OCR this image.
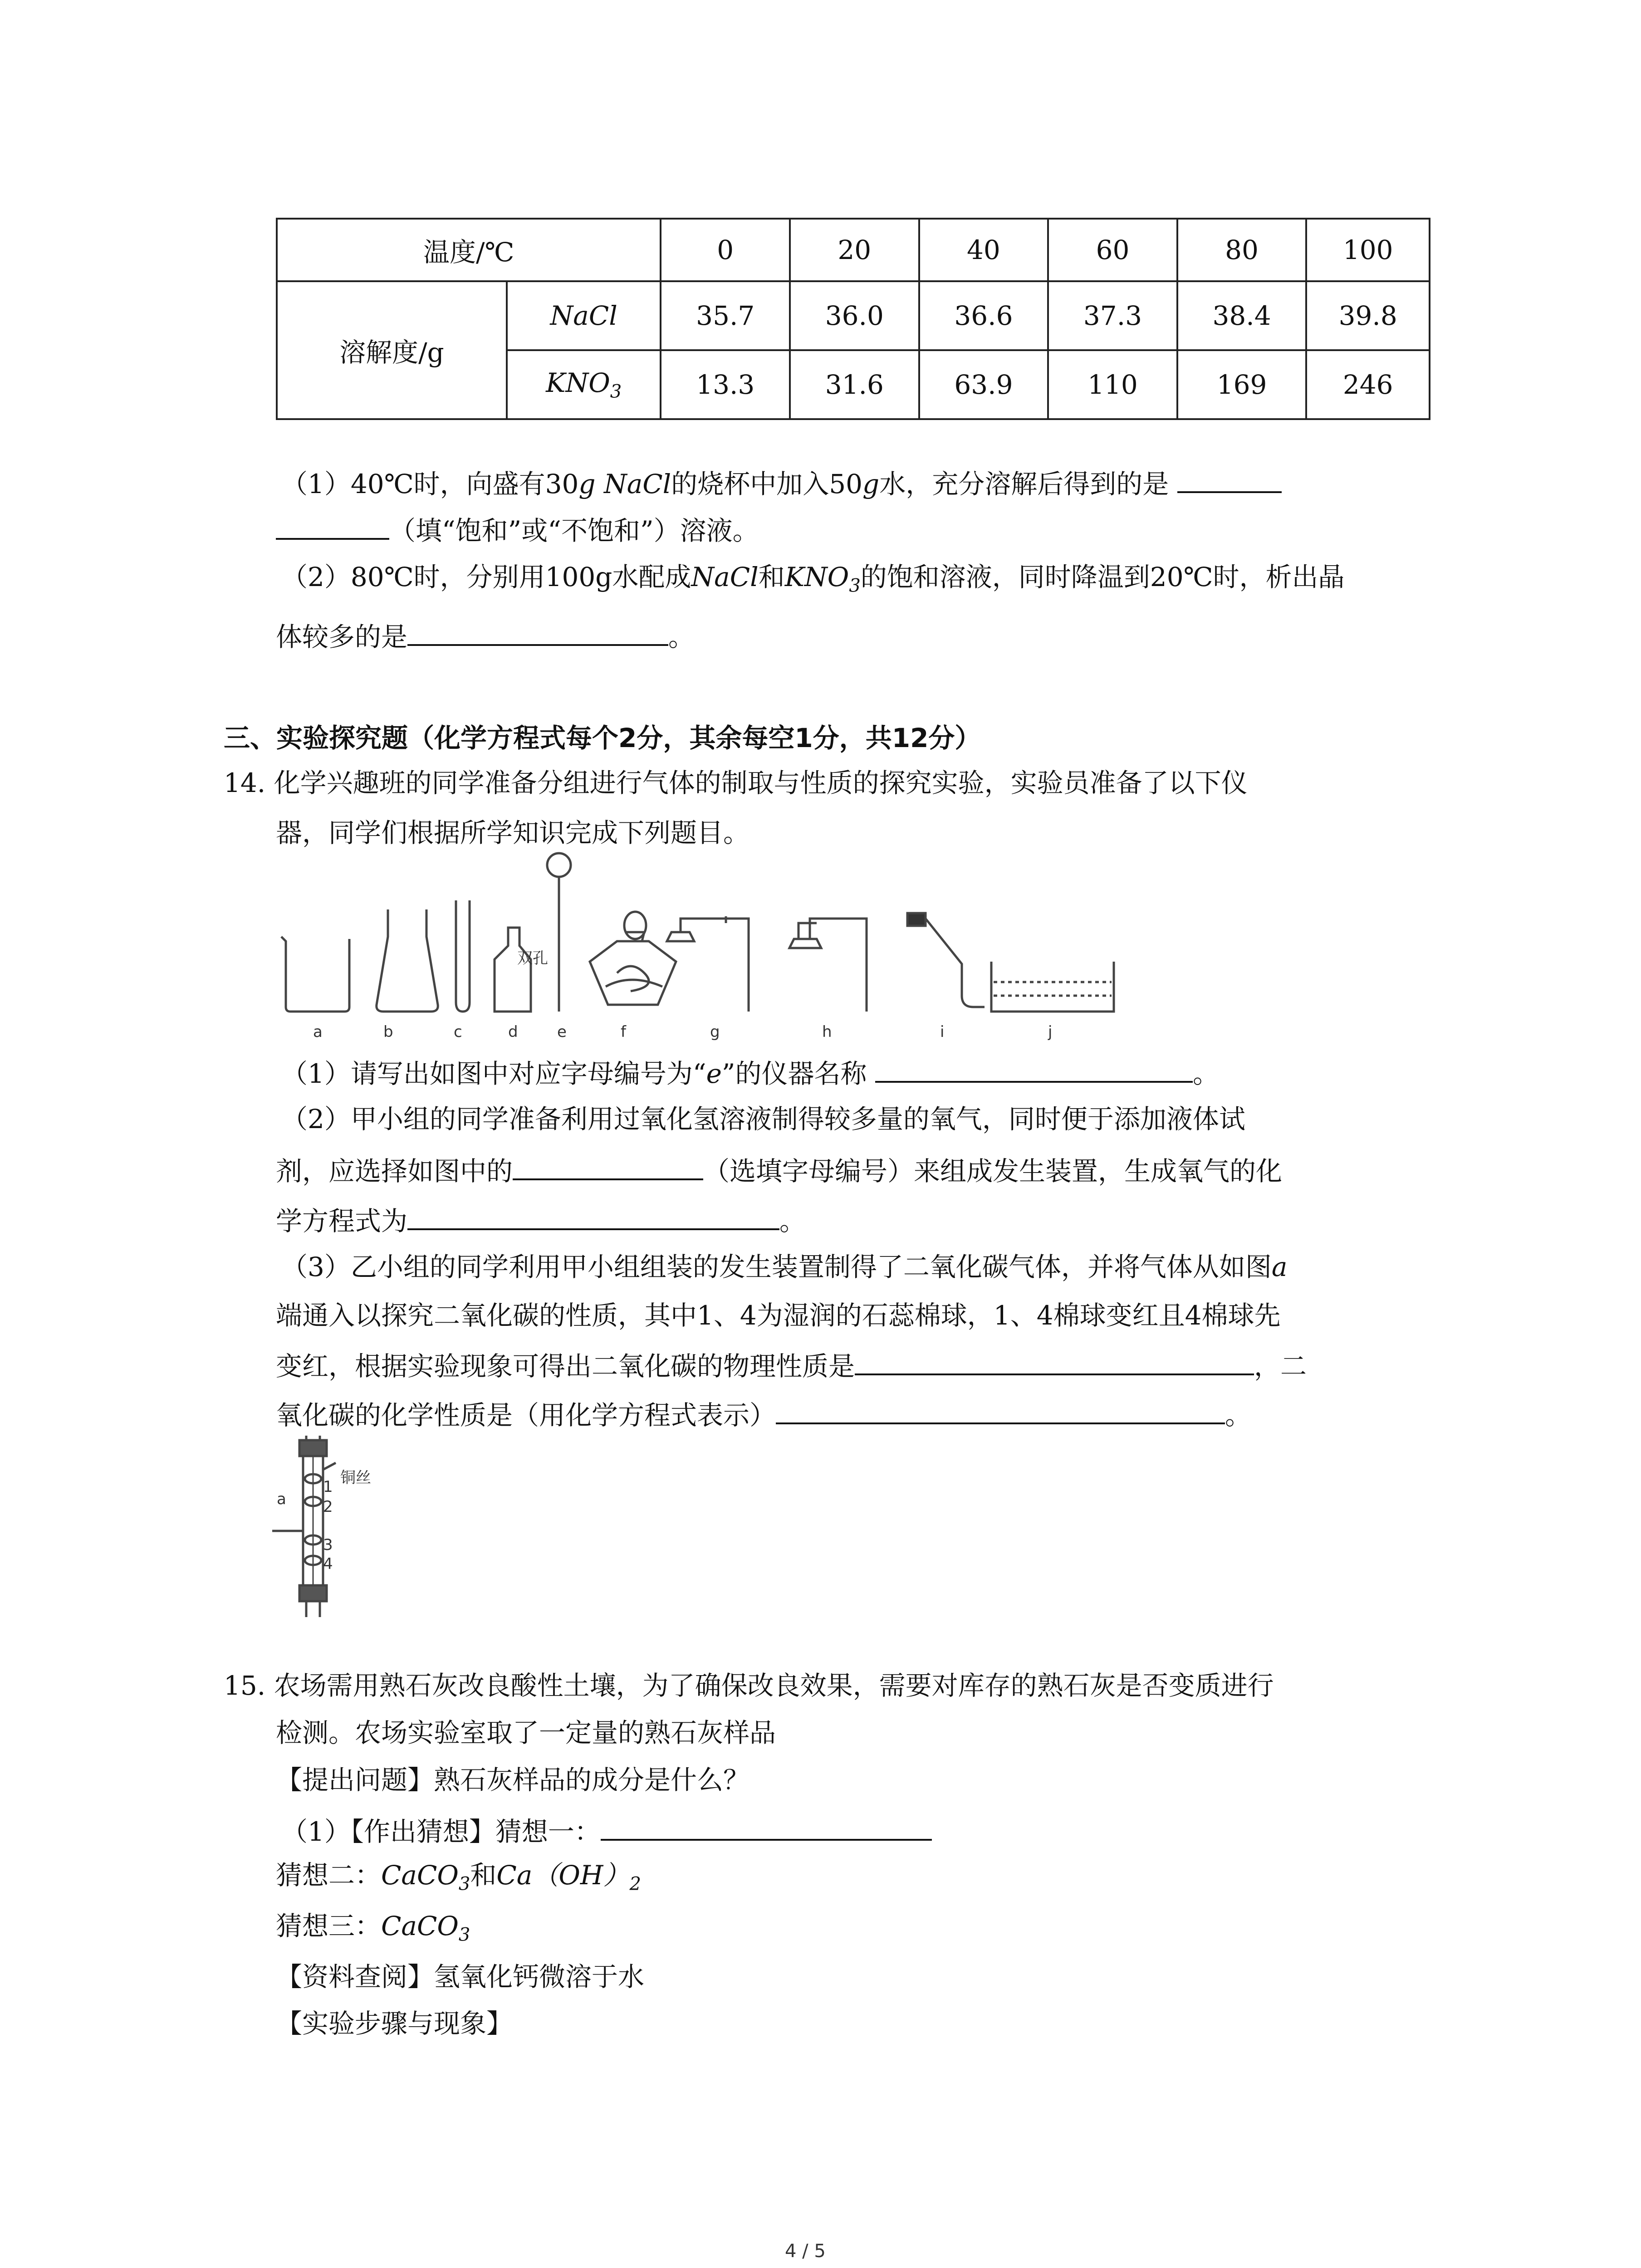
温度/℃		0	20	40	60	80	100
溶解度/g	NaCl	35.7	36.0	36.6	37.3	38.4	39.8
	$KNO_3$	13.3	31.6	63.9	110	169	246
（1）40℃时，向盛有30g NaCl的烧杯中加入50g水，充分溶解后得到的是
（填“饱和”或“不饱和”）溶液。
（2）80℃时，分别用100g水配成NaCl和$KNO_3$的饱和溶液，同时降温到20℃时，析出晶
体较多的是	。
三、实验探究题（化学方程式每个2分，其余每空1分，共12分）
14. 化学兴趣班的同学准备分组进行气体的制取与性质的探究实验，实验员准备了以下仪
器，同学们根据所学知识完成下列题目。
双孔
a	b	c	d	e	f	g	h	i	j
（1）请写出如图中对应字母编号为“e”的仪器名称	。
（2）甲小组的同学准备利用过氧化氢溶液制得较多量的氧气，同时便于添加液体试
剂，应选择如图中的	（选填字母编号）来组成发生装置，生成氧气的化
学方程式为	。
（3）乙小组的同学利用甲小组组装的发生装置制得了二氧化碳气体，并将气体从如图a
端通入以探究二氧化碳的性质，其中1、4为湿润的石蕊棉球，1、4棉球变红且4棉球先
变红，根据实验现象可得出二氧化碳的物理性质是	，二
氧化碳的化学性质是（用化学方程式表示）	。
铜丝
a
1
2
3
4
15. 农场需用熟石灰改良酸性土壤，为了确保改良效果，需要对库存的熟石灰是否变质进行
检测。农场实验室取了一定量的熟石灰样品
【提出问题】熟石灰样品的成分是什么？
（1）【作出猜想】猜想一：
猜想二：CaCO$_3$和$Ca(OH)_2$
猜想三：CaCO$_3$
【资料查阅】氢氧化钙微溶于水
【实验步骤与现象】
4 / 5
